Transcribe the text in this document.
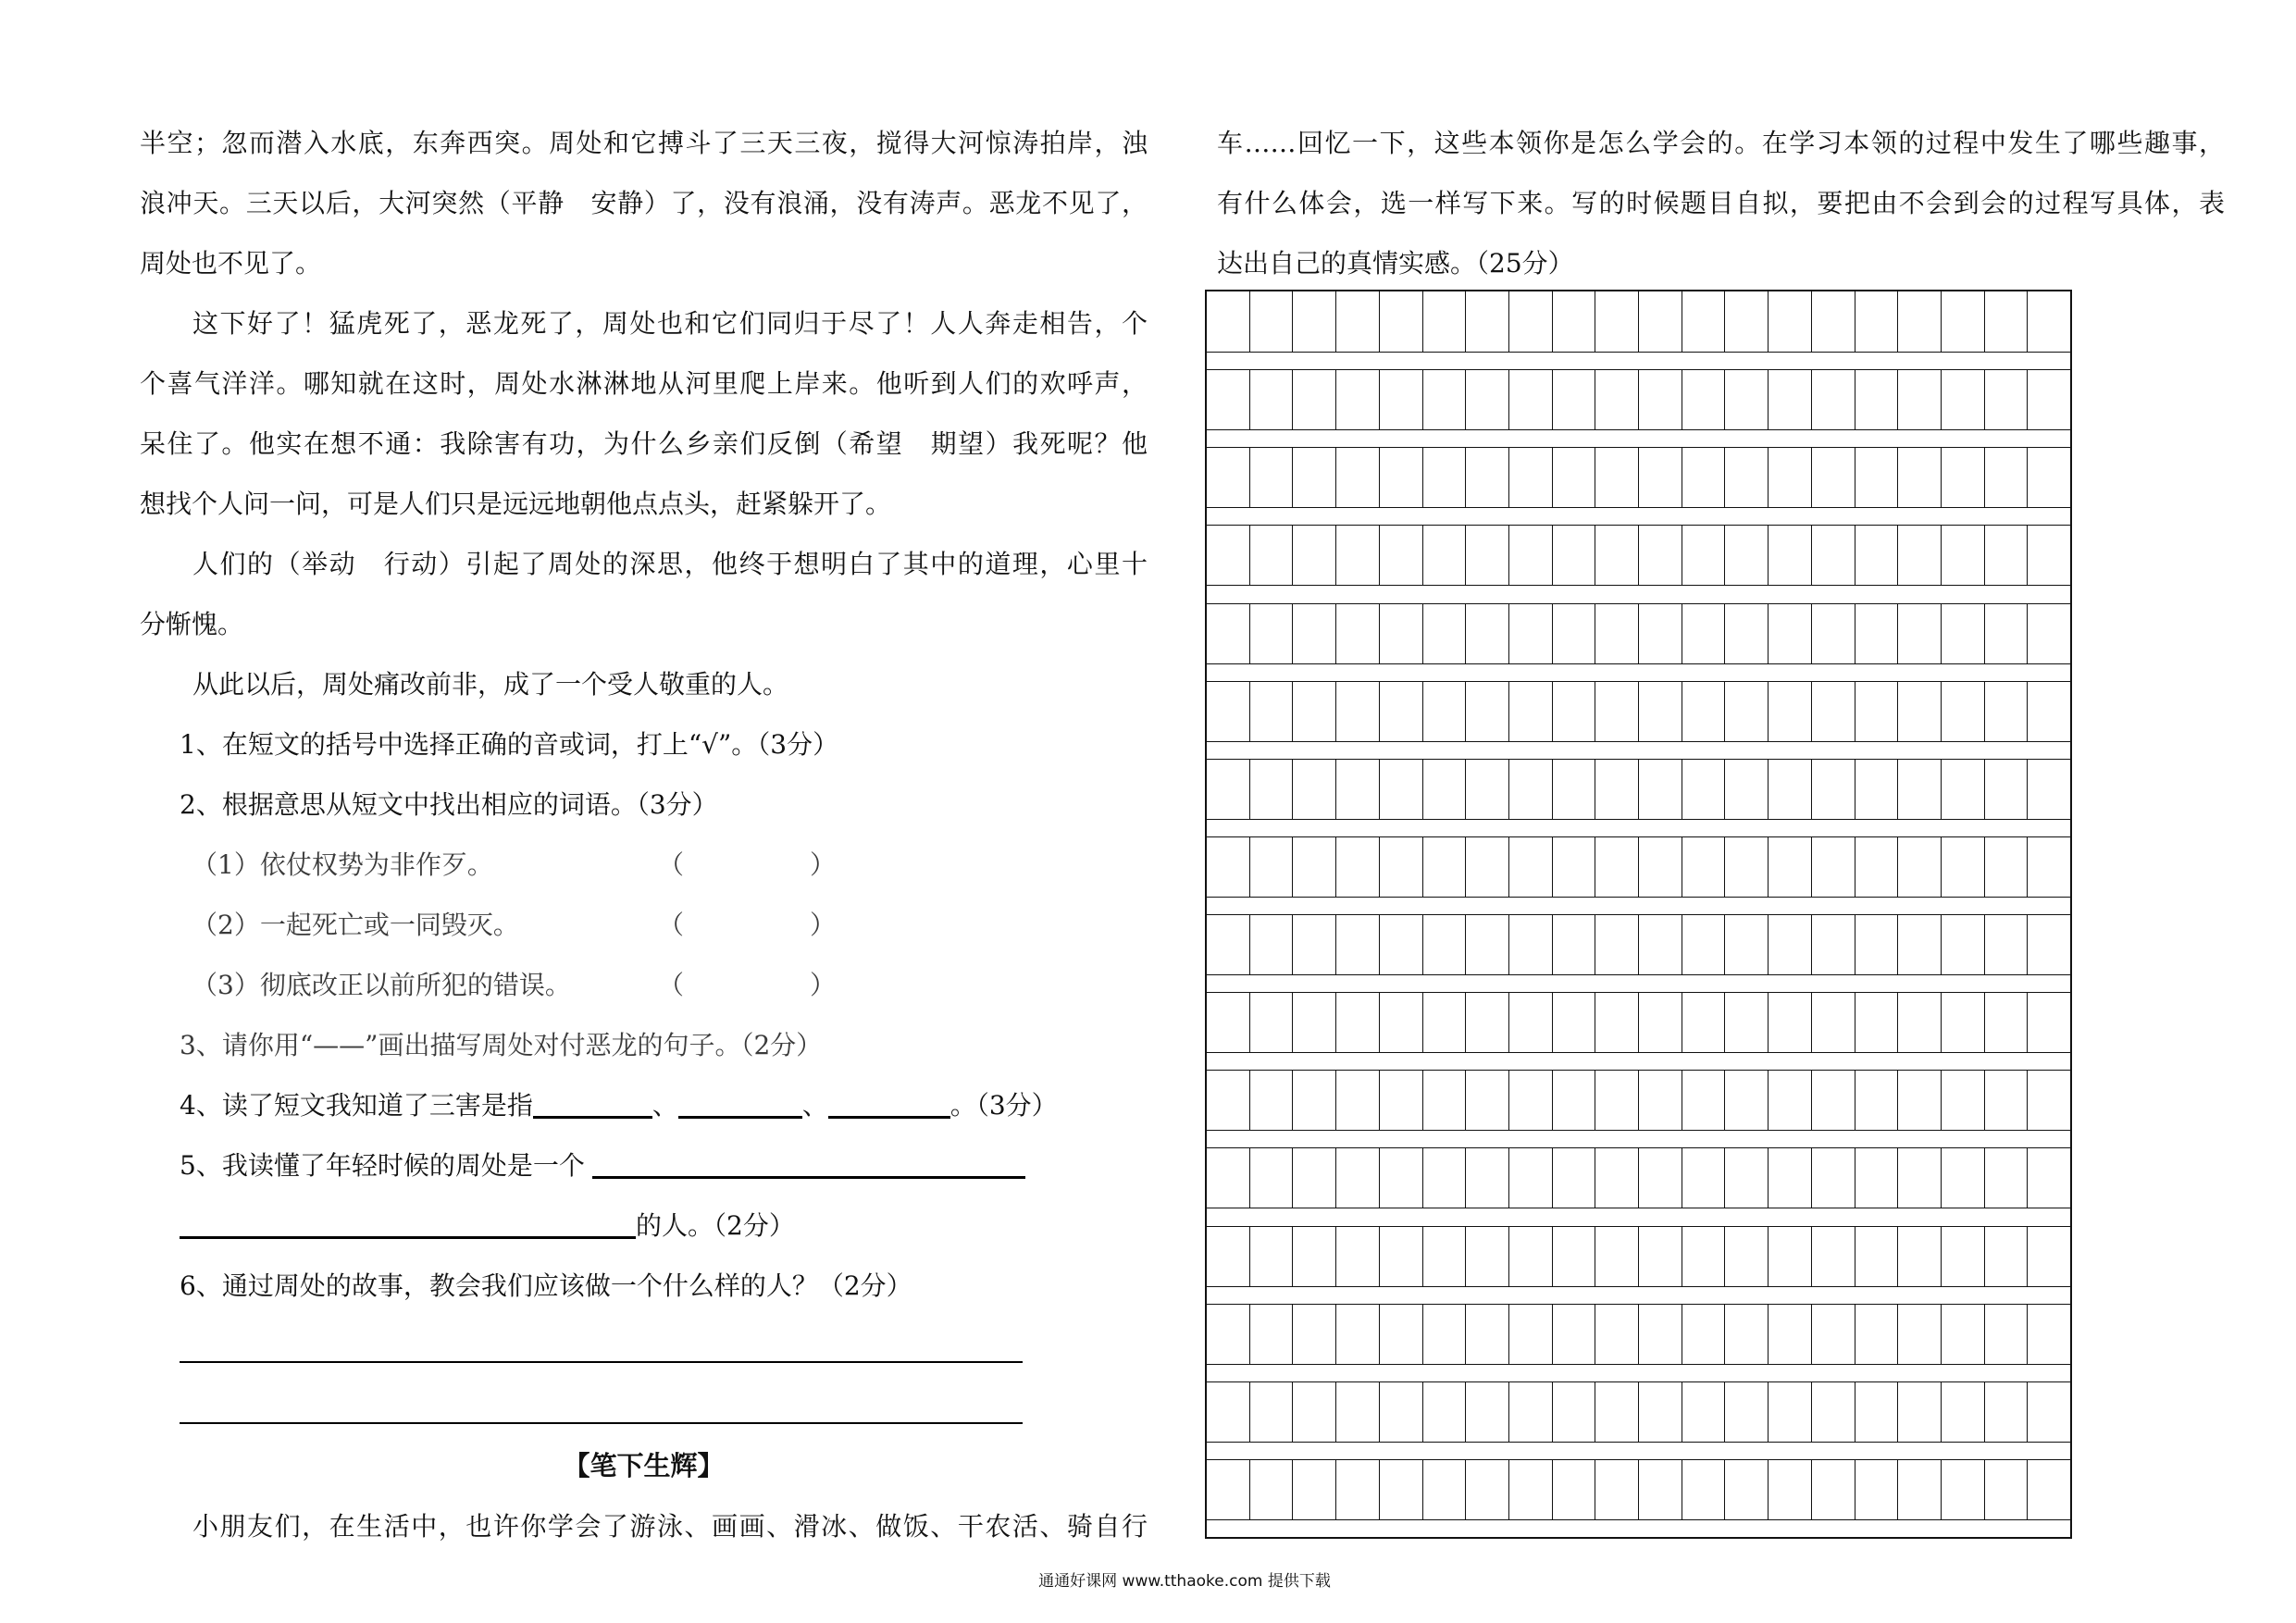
半空；忽而潜入水底，东奔西突。周处和它搏斗了三天三夜，搅得大河惊涛拍岸，浊
浪冲天。三天以后，大河突然（平静　安静）了，没有浪涌，没有涛声。恶龙不见了，
周处也不见了。
这下好了！猛虎死了，恶龙死了，周处也和它们同归于尽了！人人奔走相告，个
个喜气洋洋。哪知就在这时，周处水淋淋地从河里爬上岸来。他听到人们的欢呼声，
呆住了。他实在想不通：我除害有功，为什么乡亲们反倒（希望　期望）我死呢？他
想找个人问一问，可是人们只是远远地朝他点点头，赶紧躲开了。
人们的（举动　行动）引起了周处的深思，他终于想明白了其中的道理，心里十
分惭愧。
从此以后，周处痛改前非，成了一个受人敬重的人。
1、在短文的括号中选择正确的音或词，打上“√”。（3分）
2、根据意思从短文中找出相应的词语。（3分）
（1）依仗权势为非作歹。	（	）
（2）一起死亡或一同毁灭。	（	）
（3）彻底改正以前所犯的错误。	（	）
3、请你用“——”画出描写周处对付恶龙的句子。（2分）
4、读了短文我知道了三害是指	、	、	。（3分）
5、我读懂了年轻时候的周处是一个
的人。（2分）
6、通过周处的故事，教会我们应该做一个什么样的人？（2分）
【笔下生辉】
小朋友们，在生活中，也许你学会了游泳、画画、滑冰、做饭、干农活、骑自行
车……回忆一下，这些本领你是怎么学会的。在学习本领的过程中发生了哪些趣事，
有什么体会，选一样写下来。写的时候题目自拟，要把由不会到会的过程写具体，表
达出自己的真情实感。（25分）
通通好课网 www.tthaoke.com 提供下载
